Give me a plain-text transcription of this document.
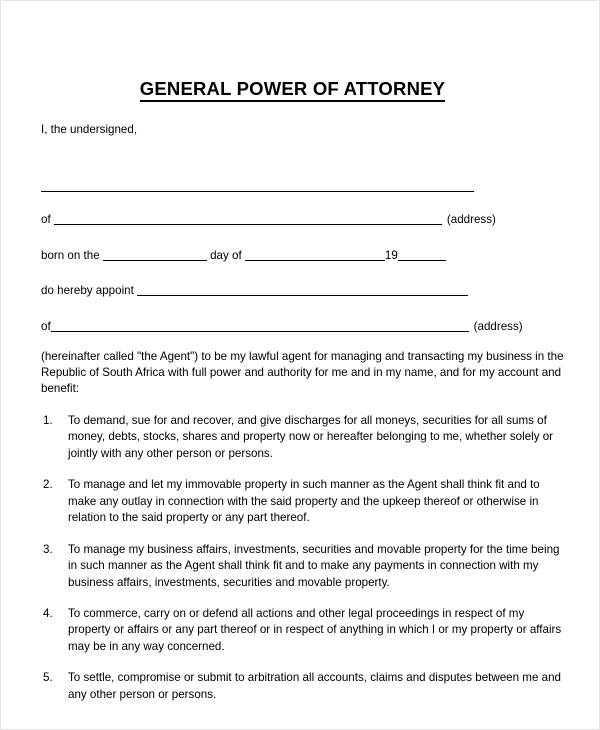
GENERAL POWER OF ATTORNEY
I, the undersigned,
of	(address)
born on the	day of	19
do hereby appoint
of	(address)

(hereinafter called "the Agent") to be my lawful agent for managing and transacting my business in the Republic of South Africa with full power and authority for me and in my name, and for my account and benefit:

1. To demand, sue for and recover, and give discharges for all moneys, securities for all sums of money, debts, stocks, shares and property now or hereafter belonging to me, whether solely or jointly with any other person or persons.
2. To manage and let my immovable property in such manner as the Agent shall think fit and to make any outlay in connection with the said property and the upkeep thereof or otherwise in relation to the said property or any part thereof.
3. To manage my business affairs, investments, securities and movable property for the time being in such manner as the Agent shall think fit and to make any payments in connection with my business affairs, investments, securities and movable property.
4. To commerce, carry on or defend all actions and other legal proceedings in respect of my property or affairs or any part thereof or in respect of anything in which I or my property or affairs may be in any way concerned.
5. To settle, compromise or submit to arbitration all accounts, claims and disputes between me and any other person or persons.
